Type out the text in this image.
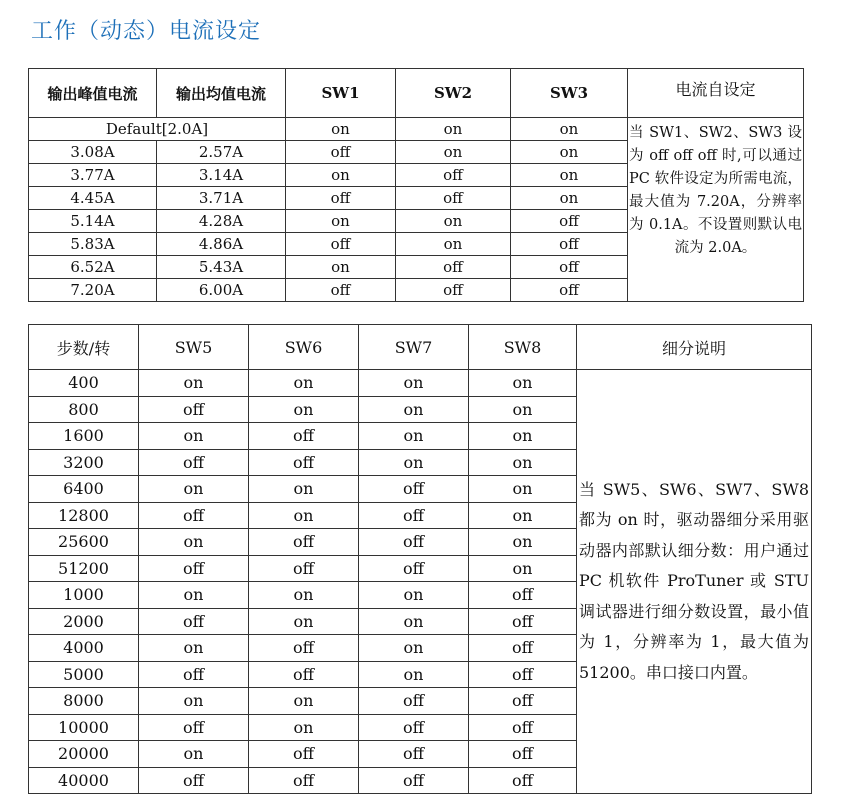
工作（动态）电流设定
输出峰值电流	输出均值电流	SW1	SW2	SW3	电流自设定
Default[2.0A]		on	on	on	当 SW1、SW2、SW3 设为 off off off 时,可以通过 PC 软件设定为所需电流，最大值为 7.20A，分辨率为 0.1A。不设置则默认电流为 2.0A。

3.08A	2.57A	off	on	on	
3.77A	3.14A	on	off	on	
4.45A	3.71A	off	off	on	
5.14A	4.28A	on	on	off	
5.83A	4.86A	off	on	off	
6.52A	5.43A	on	off	off	
7.20A	6.00A	off	off	off	
步数/转	SW5	SW6	SW7	SW8	细分说明
400	on	on	on	on	当 SW5、SW6、SW7、SW8 都为 on 时，驱动器细分采用驱动器内部默认细分数：用户通过 PC 机软件 ProTuner 或 STU 调试器进行细分数设置，最小值为 1，分辨率为 1，最大值为 51200。串口接口内置。
800	off	on	on	on	
1600	on	off	on	on	
3200	off	off	on	on	
6400	on	on	off	on	
12800	off	on	off	on	
25600	on	off	off	on	
51200	off	off	off	on	
1000	on	on	on	off	
2000	off	on	on	off	
4000	on	off	on	off	
5000	off	off	on	off	
8000	on	on	off	off	
10000	off	on	off	off	
20000	on	off	off	off	
40000	off	off	off	off	
